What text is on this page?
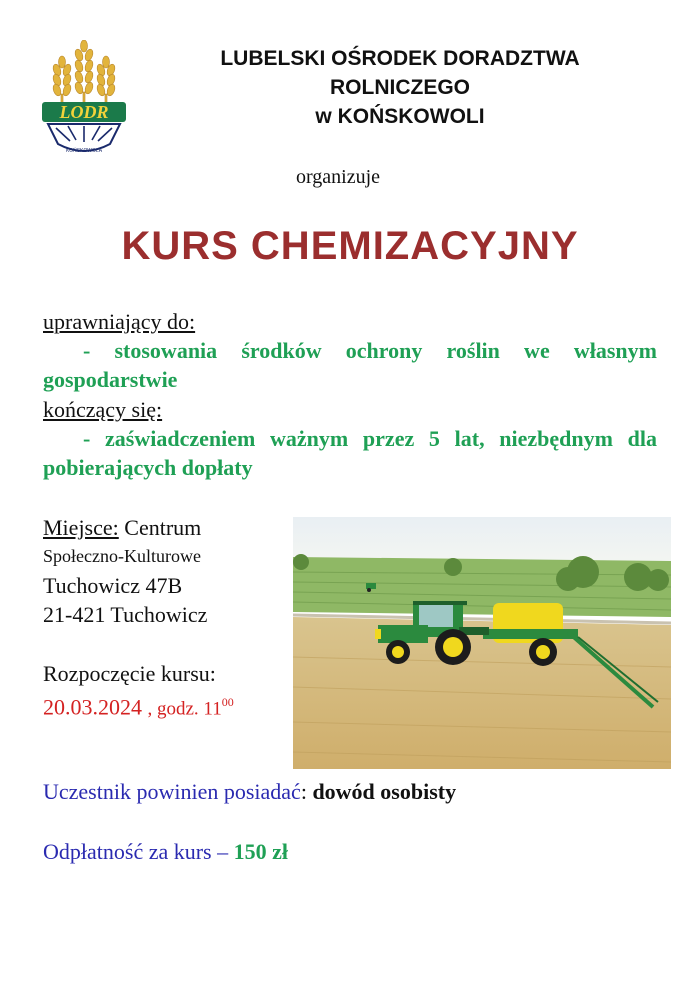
LODR
KOŃSKOWOLA
LUBELSKI OŚRODEK DORADZTWA
ROLNICZEGO
w KOŃSKOWOLI
organizuje
KURS CHEMIZACYJNY
uprawniający do:
- stosowania środków ochrony roślin we własnym gospodarstwie
kończący się:
- zaświadczeniem ważnym przez 5 lat, niezbędnym dla pobierających dopłaty
Miejsce: Centrum
Społeczno-Kulturowe
Tuchowicz 47B
21-421 Tuchowicz
Rozpoczęcie kursu:
20.03.2024 , godz. $11^{00}$
Uczestnik powinien posiadać: dowód osobisty
Odpłatność za kurs – 150 zł
